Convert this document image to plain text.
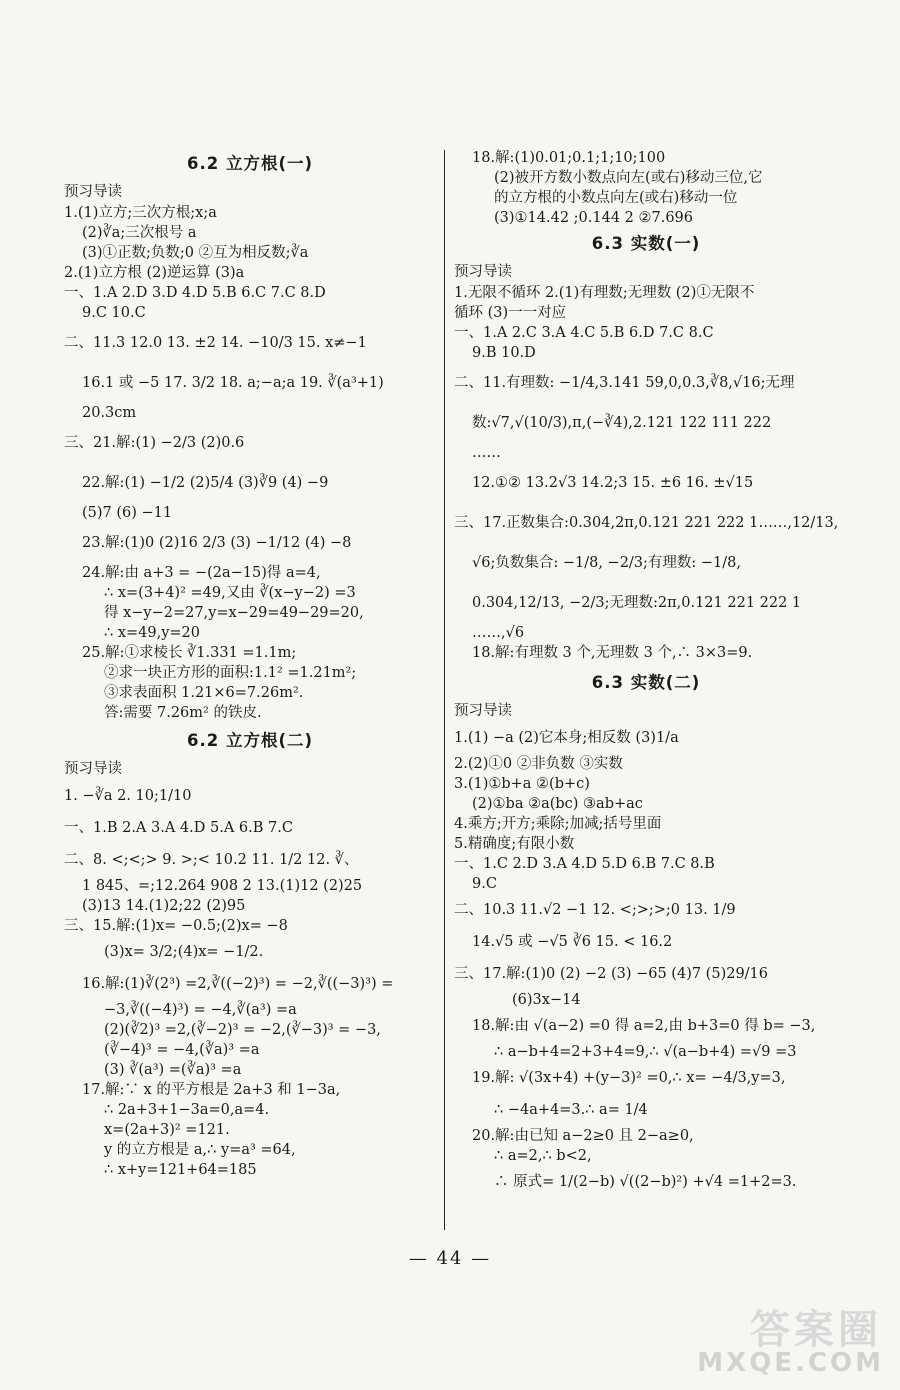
6.2 立方根(一)
预习导读
1.(1)立方;三次方根;x;a
(2)∛a;三次根号 a
(3)①正数;负数;0 ②互为相反数;∛a
2.(1)立方根 (2)逆运算 (3)a
一、1.A 2.D 3.D 4.D 5.B 6.C 7.C 8.D
9.C 10.C
二、11.3 12.0 13. ±2 14. −10/3 15. x≠−1
16.1 或 −5 17. 3/2 18. a;−a;a 19. ∛(a³+1)
20.3cm
三、21.解:(1) −2/3 (2)0.6
22.解:(1) −1/2 (2)5/4 (3)∛9 (4) −9
(5)7 (6) −11
23.解:(1)0 (2)16 2/3 (3) −1/12 (4) −8
24.解:由 a+3 = −(2a−15)得 a=4,
∴ x=(3+4)² =49,又由 ∛(x−y−2) =3
得 x−y−2=27,y=x−29=49−29=20,
∴ x=49,y=20
25.解:①求棱长 ∛1.331 =1.1m;
②求一块正方形的面积:1.1² =1.21m²;
③求表面积 1.21×6=7.26m².
答:需要 7.26m² 的铁皮.
6.2 立方根(二)
预习导读
1. −∛a 2. 10;1/10
一、1.B 2.A 3.A 4.D 5.A 6.B 7.C
二、8. <;<;> 9. >;< 10.2 11. 1/2 12. ∛、
1 845、=;12.264 908 2 13.(1)12 (2)25
(3)13 14.(1)2;22 (2)95
三、15.解:(1)x= −0.5;(2)x= −8
(3)x= 3/2;(4)x= −1/2.
16.解:(1)∛(2³) =2,∛((−2)³) = −2,∛((−3)³) =
−3,∛((−4)³) = −4,∛(a³) =a
(2)(∛2)³ =2,(∛−2)³ = −2,(∛−3)³ = −3,
(∛−4)³ = −4,(∛a)³ =a
(3) ∛(a³) =(∛a)³ =a
17.解:∵ x 的平方根是 2a+3 和 1−3a,
∴ 2a+3+1−3a=0,a=4.
x=(2a+3)² =121.
y 的立方根是 a,∴ y=a³ =64,
∴ x+y=121+64=185
18.解:(1)0.01;0.1;1;10;100
(2)被开方数小数点向左(或右)移动三位,它
的立方根的小数点向左(或右)移动一位
(3)①14.42 ;0.144 2 ②7.696
6.3 实数(一)
预习导读
1.无限不循环 2.(1)有理数;无理数 (2)①无限不
循环 (3)一一对应
一、1.A 2.C 3.A 4.C 5.B 6.D 7.C 8.C
9.B 10.D
二、11.有理数: −1/4,3.141 59,0,0.3,∛8,√16;无理
数:√7,√(10/3),π,(−∛4),2.121 122 111 222
……
12.①② 13.2√3 14.2;3 15. ±6 16. ±√15
三、17.正数集合:0.304,2π,0.121 221 222 1……,12/13,
√6;负数集合: −1/8, −2/3;有理数: −1/8,
0.304,12/13, −2/3;无理数:2π,0.121 221 222 1
……,√6
18.解:有理数 3 个,无理数 3 个,∴ 3×3=9.
6.3 实数(二)
预习导读
1.(1) −a (2)它本身;相反数 (3)1/a
2.(2)①0 ②非负数 ③实数
3.(1)①b+a ②(b+c)
(2)①ba ②a(bc) ③ab+ac
4.乘方;开方;乘除;加减;括号里面
5.精确度;有限小数
一、1.C 2.D 3.A 4.D 5.D 6.B 7.C 8.B
9.C
二、10.3 11.√2 −1 12. <;>;>;0 13. 1/9
14.√5 或 −√5 ∛6 15. < 16.2
三、17.解:(1)0 (2) −2 (3) −65 (4)7 (5)29/16
(6)3x−14
18.解:由 √(a−2) =0 得 a=2,由 b+3=0 得 b= −3,
∴ a−b+4=2+3+4=9,∴ √(a−b+4) =√9 =3
19.解: √(3x+4) +(y−3)² =0,∴ x= −4/3,y=3,
∴ −4a+4=3.∴ a= 1/4
20.解:由已知 a−2≥0 且 2−a≥0,
∴ a=2,∴ b<2,
∴ 原式= 1/(2−b) √((2−b)²) +√4 =1+2=3.
— 44 —
答案圈
MXQE.COM
